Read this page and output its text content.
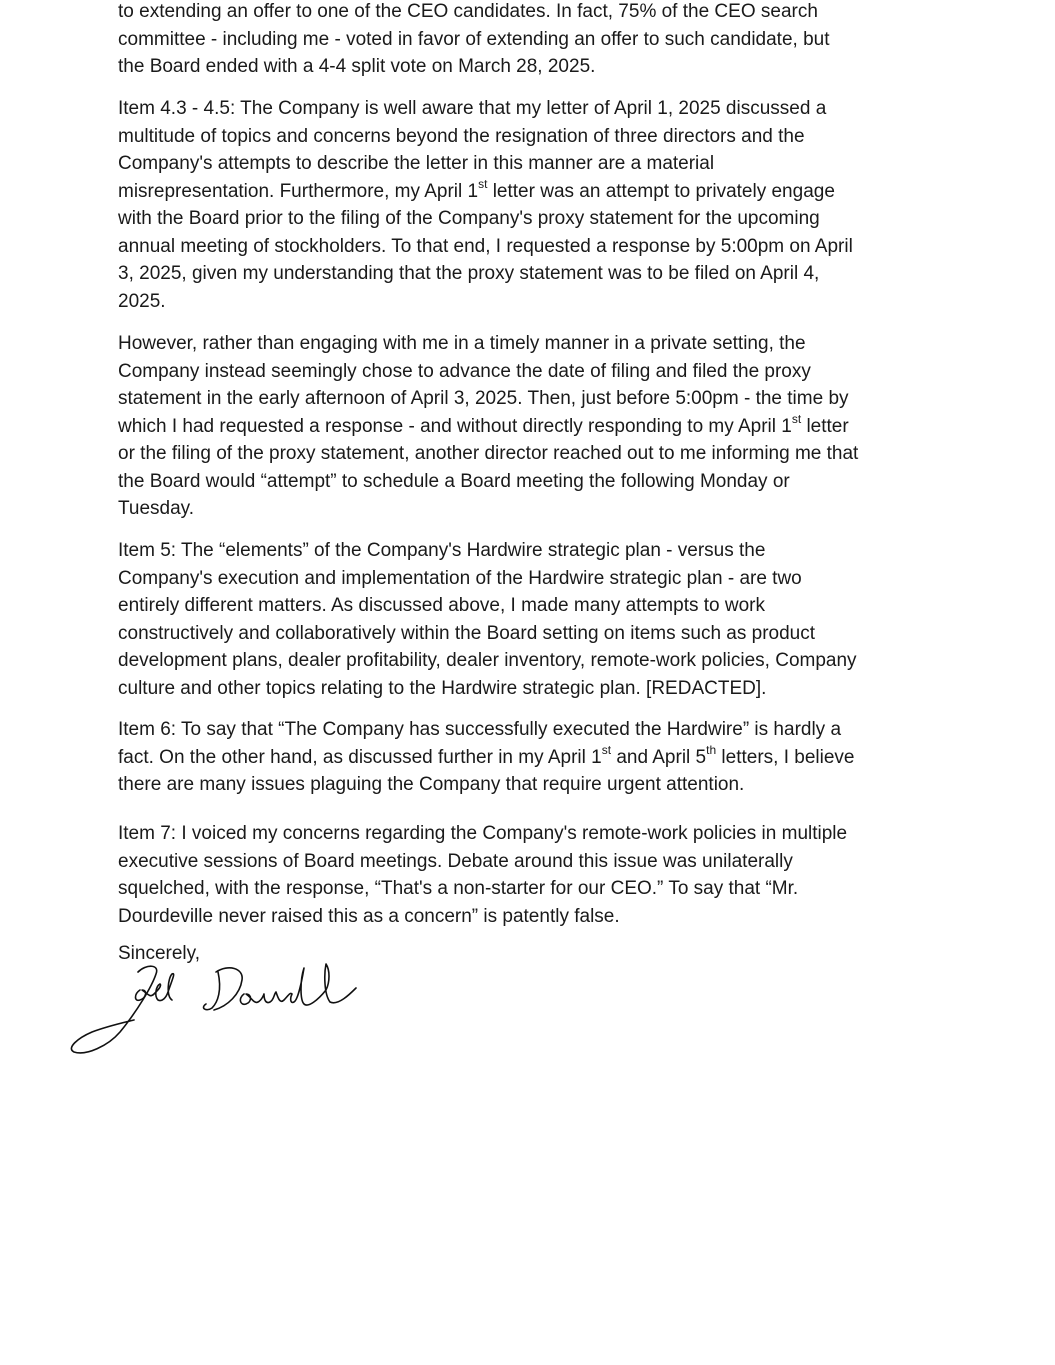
to extending an offer to one of the CEO candidates. In fact, 75% of the CEO search
committee - including me - voted in favor of extending an offer to such candidate, but
the Board ended with a 4-4 split vote on March 28, 2025.

Item 4.3 - 4.5: The Company is well aware that my letter of April 1, 2025 discussed a
multitude of topics and concerns beyond the resignation of three directors and the
Company's attempts to describe the letter in this manner are a material
misrepresentation. Furthermore, my April 1st letter was an attempt to privately engage
with the Board prior to the filing of the Company's proxy statement for the upcoming
annual meeting of stockholders. To that end, I requested a response by 5:00pm on April
3, 2025, given my understanding that the proxy statement was to be filed on April 4,
2025.

However, rather than engaging with me in a timely manner in a private setting, the
Company instead seemingly chose to advance the date of filing and filed the proxy
statement in the early afternoon of April 3, 2025. Then, just before 5:00pm - the time by
which I had requested a response - and without directly responding to my April 1st letter
or the filing of the proxy statement, another director reached out to me informing me that
the Board would “attempt” to schedule a Board meeting the following Monday or
Tuesday.

Item 5: The “elements” of the Company's Hardwire strategic plan - versus the
Company's execution and implementation of the Hardwire strategic plan - are two
entirely different matters. As discussed above, I made many attempts to work
constructively and collaboratively within the Board setting on items such as product
development plans, dealer profitability, dealer inventory, remote-work policies, Company
culture and other topics relating to the Hardwire strategic plan. [REDACTED].

Item 6: To say that “The Company has successfully executed the Hardwire” is hardly a
fact. On the other hand, as discussed further in my April 1st and April 5th letters, I believe
there are many issues plaguing the Company that require urgent attention.

Item 7: I voiced my concerns regarding the Company's remote-work policies in multiple
executive sessions of Board meetings. Debate around this issue was unilaterally
squelched, with the response, “That's a non-starter for our CEO.” To say that “Mr.
Dourdeville never raised this as a concern” is patently false.

Sincerely,
